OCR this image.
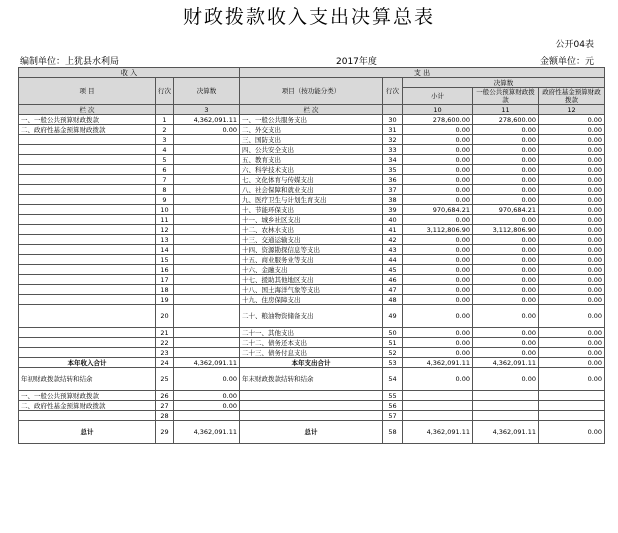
财政拨款收入支出决算总表
公开04表
编制单位：上犹县水利局	2017年度	金额单位：元
收 入			支 出				
项 目	行次	决算数	项目（按功能分类）	行次	决算数		
					小计	一般公共预算财政拨款	政府性基金预算财政拨款
栏 次		3	栏 次		10	11	12
一、一般公共预算财政拨款	1	4,362,091.11	一、一般公共服务支出	30	278,600.00	278,600.00	0.00
二、政府性基金预算财政拨款	2	0.00	二、外交支出	31	0.00	0.00	0.00
	3		三、国防支出	32	0.00	0.00	0.00
	4		四、公共安全支出	33	0.00	0.00	0.00
	5		五、教育支出	34	0.00	0.00	0.00
	6		六、科学技术支出	35	0.00	0.00	0.00
	7		七、文化体育与传媒支出	36	0.00	0.00	0.00
	8		八、社会保障和就业支出	37	0.00	0.00	0.00
	9		九、医疗卫生与计划生育支出	38	0.00	0.00	0.00
	10		十、节能环保支出	39	970,684.21	970,684.21	0.00
	11		十一、城乡社区支出	40	0.00	0.00	0.00
	12		十二、农林水支出	41	3,112,806.90	3,112,806.90	0.00
	13		十三、交通运输支出	42	0.00	0.00	0.00
	14		十四、资源勘探信息等支出	43	0.00	0.00	0.00
	15		十五、商业服务业等支出	44	0.00	0.00	0.00
	16		十六、金融支出	45	0.00	0.00	0.00
	17		十七、援助其他地区支出	46	0.00	0.00	0.00
	18		十八、国土海洋气象等支出	47	0.00	0.00	0.00
	19		十九、住房保障支出	48	0.00	0.00	0.00
	20		二十、粮油物资储备支出	49	0.00	0.00	0.00
	21		二十一、其他支出	50	0.00	0.00	0.00
	22		二十二、债务还本支出	51	0.00	0.00	0.00
	23		二十三、债务付息支出	52	0.00	0.00	0.00
本年收入合计	24	4,362,091.11	本年支出合计	53	4,362,091.11	4,362,091.11	0.00
年初财政拨款结转和结余	25	0.00	年末财政拨款结转和结余	54	0.00	0.00	0.00
一、一般公共预算财政拨款	26	0.00		55			
二、政府性基金预算财政拨款	27	0.00		56			
	28			57			
总计	29	4,362,091.11	总计	58	4,362,091.11	4,362,091.11	0.00
